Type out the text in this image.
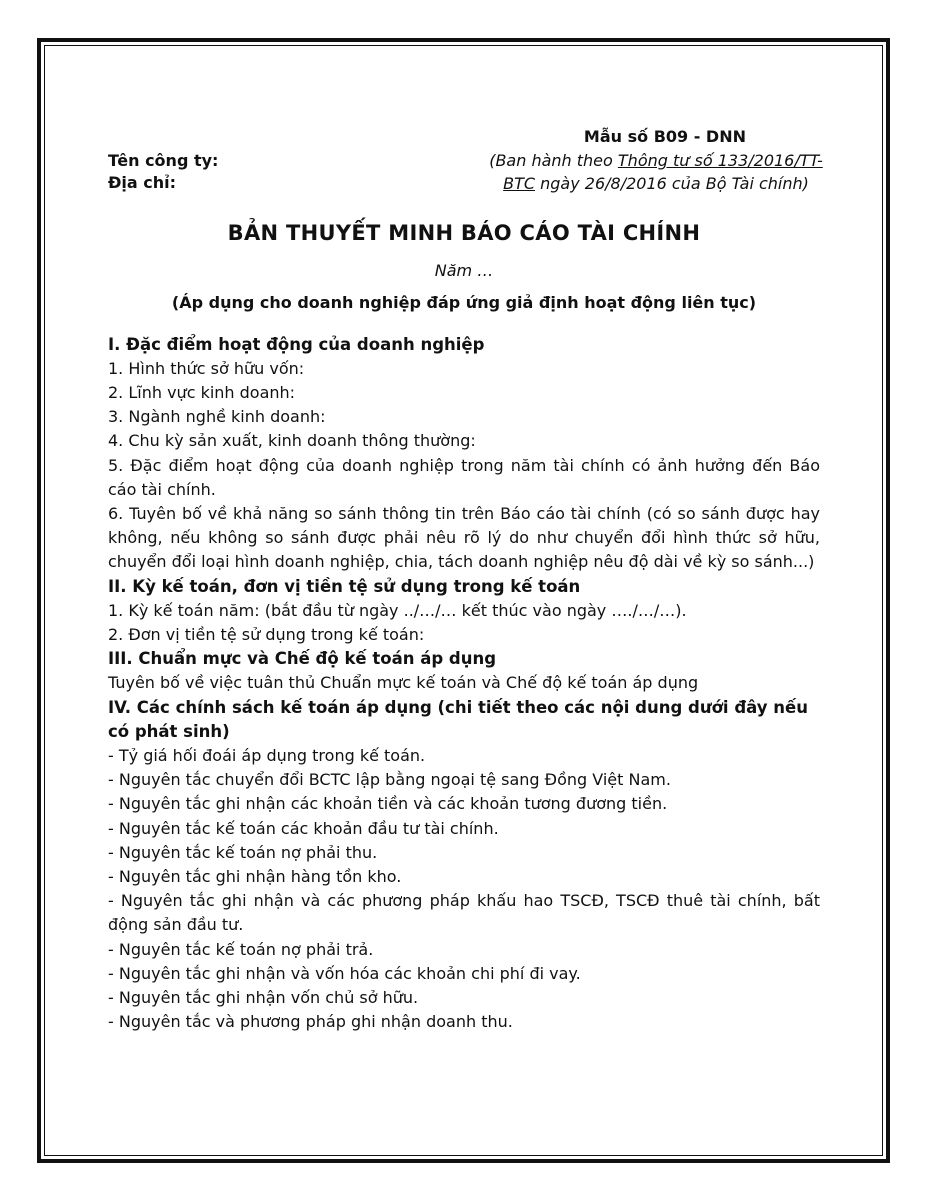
Mẫu số B09 - DNN
Tên công ty:
Địa chỉ:
(Ban hành theo Thông tư số 133/2016/TT-
BTC ngày 26/8/2016 của Bộ Tài chính)
BẢN THUYẾT MINH BÁO CÁO TÀI CHÍNH
Năm …
(Áp dụng cho doanh nghiệp đáp ứng giả định hoạt động liên tục)
I. Đặc điểm hoạt động của doanh nghiệp
1. Hình thức sở hữu vốn:
2. Lĩnh vực kinh doanh:
3. Ngành nghề kinh doanh:
4. Chu kỳ sản xuất, kinh doanh thông thường:
5. Đặc điểm hoạt động của doanh nghiệp trong năm tài chính có ảnh hưởng đến Báo cáo tài chính.
6. Tuyên bố về khả năng so sánh thông tin trên Báo cáo tài chính (có so sánh được hay không, nếu không so sánh được phải nêu rõ lý do như chuyển đổi hình thức sở hữu, chuyển đổi loại hình doanh nghiệp, chia, tách doanh nghiệp nêu độ dài về kỳ so sánh...)
II. Kỳ kế toán, đơn vị tiền tệ sử dụng trong kế toán
1. Kỳ kế toán năm: (bắt đầu từ ngày ../…/… kết thúc vào ngày …./…/…).
2. Đơn vị tiền tệ sử dụng trong kế toán:
III. Chuẩn mực và Chế độ kế toán áp dụng
Tuyên bố về việc tuân thủ Chuẩn mực kế toán và Chế độ kế toán áp dụng
IV. Các chính sách kế toán áp dụng (chi tiết theo các nội dung dưới đây nếu có phát sinh)
- Tỷ giá hối đoái áp dụng trong kế toán.
- Nguyên tắc chuyển đổi BCTC lập bằng ngoại tệ sang Đồng Việt Nam.
- Nguyên tắc ghi nhận các khoản tiền và các khoản tương đương tiền.
- Nguyên tắc kế toán các khoản đầu tư tài chính.
- Nguyên tắc kế toán nợ phải thu.
- Nguyên tắc ghi nhận hàng tồn kho.
- Nguyên tắc ghi nhận và các phương pháp khấu hao TSCĐ, TSCĐ thuê tài chính, bất động sản đầu tư.
- Nguyên tắc kế toán nợ phải trả.
- Nguyên tắc ghi nhận và vốn hóa các khoản chi phí đi vay.
- Nguyên tắc ghi nhận vốn chủ sở hữu.
- Nguyên tắc và phương pháp ghi nhận doanh thu.
